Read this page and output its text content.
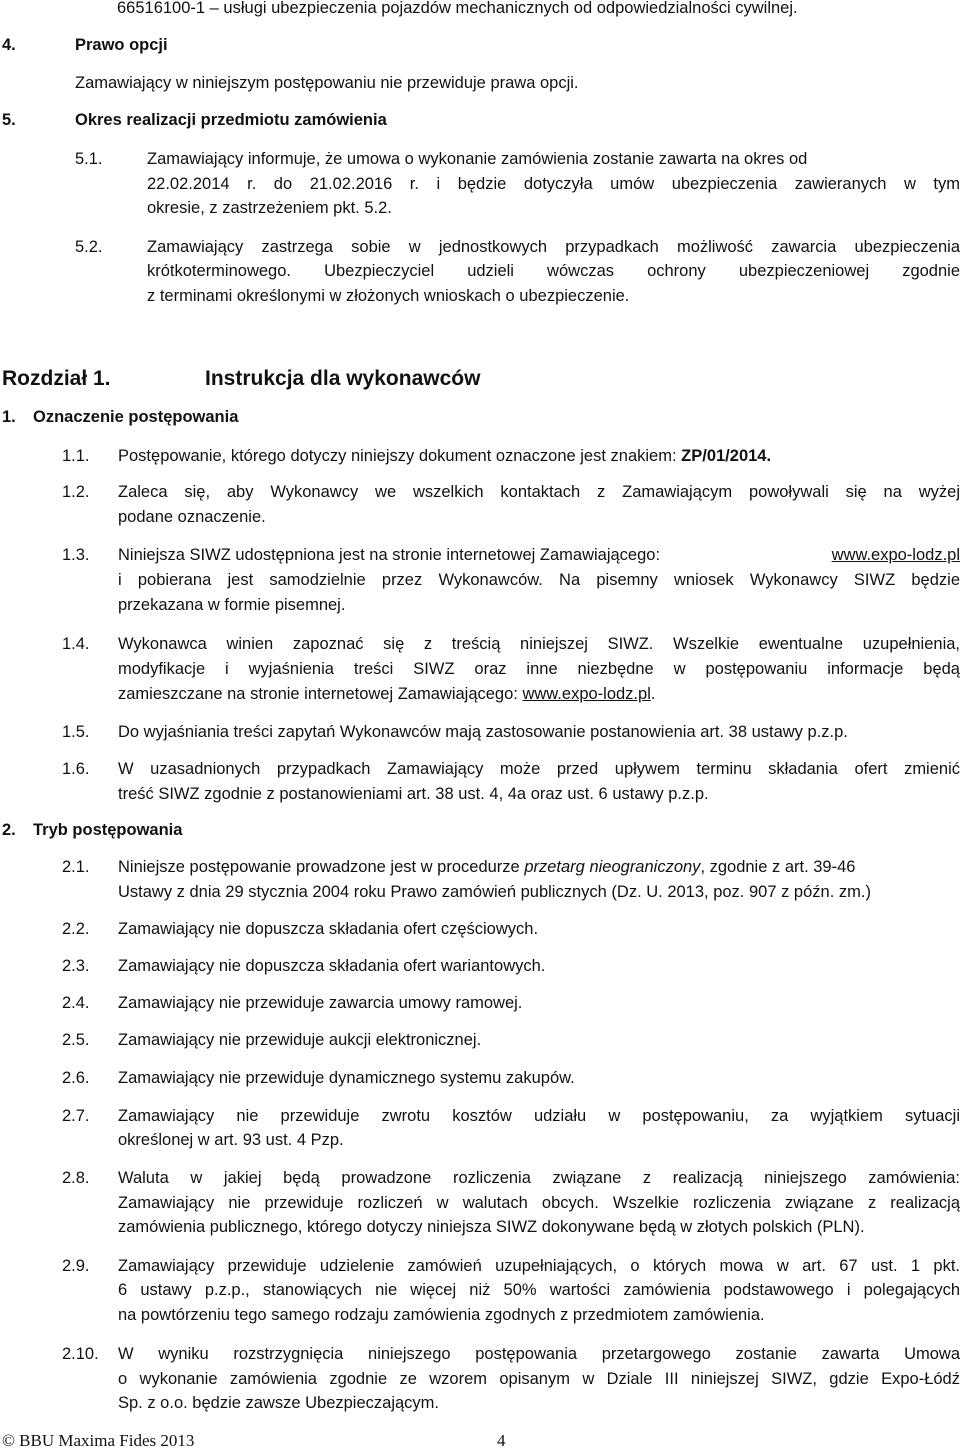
66516100-1 – usługi ubezpieczenia pojazdów mechanicznych od odpowiedzialności cywilnej.
4.	Prawo opcji
Zamawiający w niniejszym postępowaniu nie przewiduje prawa opcji.
5.	Okres realizacji przedmiotu zamówienia
5.1.	Zamawiający informuje, że umowa o wykonanie zamówienia zostanie zawarta na okres od
22.02.2014 r. do 21.02.2016 r. i będzie dotyczyła umów ubezpieczenia zawieranych w tym
okresie, z zastrzeżeniem pkt. 5.2.
5.2.	Zamawiający zastrzega sobie w jednostkowych przypadkach możliwość zawarcia ubezpieczenia
krótkoterminowego. Ubezpieczyciel udzieli wówczas ochrony ubezpieczeniowej zgodnie
z terminami określonymi w złożonych wnioskach o ubezpieczenie.
Rozdział 1.	Instrukcja dla wykonawców
1. Oznaczenie postępowania
1.1. Postępowanie, którego dotyczy niniejszy dokument oznaczone jest znakiem: ZP/01/2014.
1.2. Zaleca się, aby Wykonawcy we wszelkich kontaktach z Zamawiającym powoływali się na wyżej
podane oznaczenie.
1.3. Niniejsza SIWZ udostępniona jest na stronie internetowej Zamawiającego:	www.expo-lodz.pl
i pobierana jest samodzielnie przez Wykonawców. Na pisemny wniosek Wykonawcy SIWZ będzie
przekazana w formie pisemnej.
1.4. Wykonawca winien zapoznać się z treścią niniejszej SIWZ. Wszelkie ewentualne uzupełnienia,
modyfikacje i wyjaśnienia treści SIWZ oraz inne niezbędne w postępowaniu informacje będą
zamieszczane na stronie internetowej Zamawiającego: www.expo-lodz.pl.
1.5. Do wyjaśniania treści zapytań Wykonawców mają zastosowanie postanowienia art. 38 ustawy p.z.p.
1.6. W uzasadnionych przypadkach Zamawiający może przed upływem terminu składania ofert zmienić
treść SIWZ zgodnie z postanowieniami art. 38 ust. 4, 4a oraz ust. 6 ustawy p.z.p.
2. Tryb postępowania
2.1. Niniejsze postępowanie prowadzone jest w procedurze przetarg nieograniczony, zgodnie z art. 39-46
Ustawy z dnia 29 stycznia 2004 roku Prawo zamówień publicznych (Dz. U. 2013, poz. 907 z późn. zm.)
2.2. Zamawiający nie dopuszcza składania ofert częściowych.
2.3. Zamawiający nie dopuszcza składania ofert wariantowych.
2.4. Zamawiający nie przewiduje zawarcia umowy ramowej.
2.5. Zamawiający nie przewiduje aukcji elektronicznej.
2.6. Zamawiający nie przewiduje dynamicznego systemu zakupów.
2.7. Zamawiający nie przewiduje zwrotu kosztów udziału w postępowaniu, za wyjątkiem sytuacji
określonej w art. 93 ust. 4 Pzp.
2.8. Waluta w jakiej będą prowadzone rozliczenia związane z realizacją niniejszego zamówienia:
Zamawiający nie przewiduje rozliczeń w walutach obcych. Wszelkie rozliczenia związane z realizacją
zamówienia publicznego, którego dotyczy niniejsza SIWZ dokonywane będą w złotych polskich (PLN).
2.9. Zamawiający przewiduje udzielenie zamówień uzupełniających, o których mowa w art. 67 ust. 1 pkt.
6 ustawy p.z.p., stanowiących nie więcej niż 50% wartości zamówienia podstawowego i polegających
na powtórzeniu tego samego rodzaju zamówienia zgodnych z przedmiotem zamówienia.
2.10. W wyniku rozstrzygnięcia niniejszego postępowania przetargowego zostanie zawarta Umowa
o wykonanie zamówienia zgodnie ze wzorem opisanym w Dziale III niniejszej SIWZ, gdzie Expo-Łódź
Sp. z o.o. będzie zawsze Ubezpieczającym.
© BBU Maxima Fides 2013	4
